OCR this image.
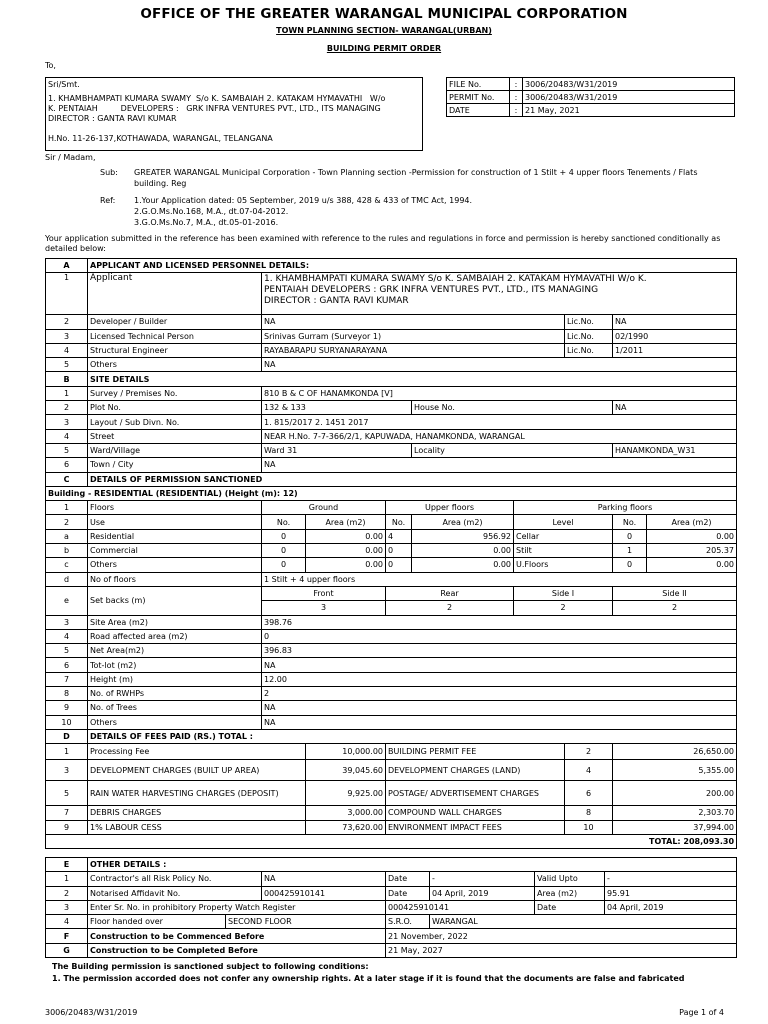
OFFICE OF THE GREATER WARANGAL MUNICIPAL CORPORATION
TOWN PLANNING SECTION- WARANGAL(URBAN)
BUILDING PERMIT ORDER
To,
Sri/Smt.
1. KHAMBHAMPATI KUMARA SWAMY  S/o K. SAMBAIAH 2. KATAKAM HYMAVATHI   W/o
K. PENTAIAH         DEVELOPERS :   GRK INFRA VENTURES PVT., LTD., ITS MANAGING
DIRECTOR : GANTA RAVI KUMAR
H.No. 11-26-137,KOTHAWADA, WARANGAL, TELANGANA
FILE No.	:	3006/20483/W31/2019
PERMIT No.	:	3006/20483/W31/2019
DATE	:	21 May, 2021
Sir / Madam,
Sub: GREATER WARANGAL Municipal Corporation - Town Planning section -Permission for construction of 1 Stilt + 4 upper floors Tenements / Flats building. Reg
Ref: 1.Your Application dated: 05 September, 2019 u/s 388, 428 & 433 of TMC Act, 1994.
2.G.O.Ms.No.168, M.A., dt.07-04-2012.
3.G.O.Ms.No.7, M.A., dt.05-01-2016.
Your application submitted in the reference has been examined with reference to the rules and regulations in force and permission is hereby sanctioned conditionally as detailed below:
A	APPLICANT AND LICENSED PERSONNEL DETAILS:								
1	Applicant	1. KHAMBHAMPATI KUMARA SWAMY S/o K. SAMBAIAH 2. KATAKAM HYMAVATHI W/o K.
PENTAIAH DEVELOPERS : GRK INFRA VENTURES PVT., LTD., ITS MANAGING
DIRECTOR : GANTA RAVI KUMAR							

2	Developer / Builder	NA					Lic.No.	NA	
3	Licensed Technical Person	Srinivas Gurram (Surveyor 1)					Lic.No.	02/1990	
4	Structural Engineer	RAYABARAPU SURYANARAYANA					Lic.No.	1/2011	
5	Others	NA							
B	SITE DETAILS								
1	Survey / Premises No.	810 B & C OF HANAMKONDA [V]							
2	Plot No.	132 & 133			House No.			NA	
3	Layout / Sub Divn. No.	1. 815/2017 2. 1451 2017							
4	Street	NEAR H.No. 7-7-366/2/1, KAPUWADA, HANAMKONDA, WARANGAL							
5	Ward/Village	Ward 31			Locality			HANAMKONDA_W31	
6	Town / City	NA							
C	DETAILS OF PERMISSION SANCTIONED								
Building - RESIDENTIAL (RESIDENTIAL) (Height (m): 12)									
1	Floors	Ground		Upper floors		Parking floors			
2	Use	No.	Area (m2)	No.	Area (m2)	Level		No.	Area (m2)
a	Residential	0	0.00	4	956.92	Cellar		0	0.00
b	Commercial	0	0.00	0	0.00	Stilt		1	205.37
c	Others	0	0.00	0	0.00	U.Floors		0	0.00
d	No of floors	1 Stilt + 4 upper floors							
e	Set backs (m)	Front		Rear		Side I		Side II	
		3		2		2		2	
3	Site Area (m2)	398.76							
4	Road affected area (m2)	0							
5	Net Area(m2)	396.83							
6	Tot-lot (m2)	NA							
7	Height (m)	12.00							
8	No. of RWHPs	2							
9	No. of Trees	NA							
10	Others	NA							
D	DETAILS OF FEES PAID (RS.) TOTAL :								
1	Processing Fee		10,000.00	BUILDING PERMIT FEE			2	26,650.00	
3	DEVELOPMENT CHARGES (BUILT UP AREA)		39,045.60	DEVELOPMENT CHARGES (LAND)			4	5,355.00	
5	RAIN WATER HARVESTING CHARGES (DEPOSIT)		9,925.00	POSTAGE/ ADVERTISEMENT CHARGES			6	200.00	
7	DEBRIS CHARGES		3,000.00	COMPOUND WALL CHARGES			8	2,303.70	
9	1% LABOUR CESS		73,620.00	ENVIRONMENT IMPACT FEES			10	37,994.00	
TOTAL: 208,093.30									
E	OTHER DETAILS :						
1	Contractor's all Risk Policy No.		NA	Date	-	Valid Upto	-
2	Notarised Affidavit No.		000425910141	Date	04 April, 2019	Area (m2)	95.91
3	Enter Sr. No. in prohibitory Property Watch Register			000425910141		Date	04 April, 2019
4	Floor handed over	SECOND FLOOR		S.R.O.	WARANGAL		
F	Construction to be Commenced Before			21 November, 2022			
G	Construction to be Completed Before			21 May, 2027			
The Building permission is sanctioned subject to following conditions:
1. The permission accorded does not confer any ownership rights. At a later stage if it is found that the documents are false and fabricated
3006/20483/W31/2019	Page 1 of 4
